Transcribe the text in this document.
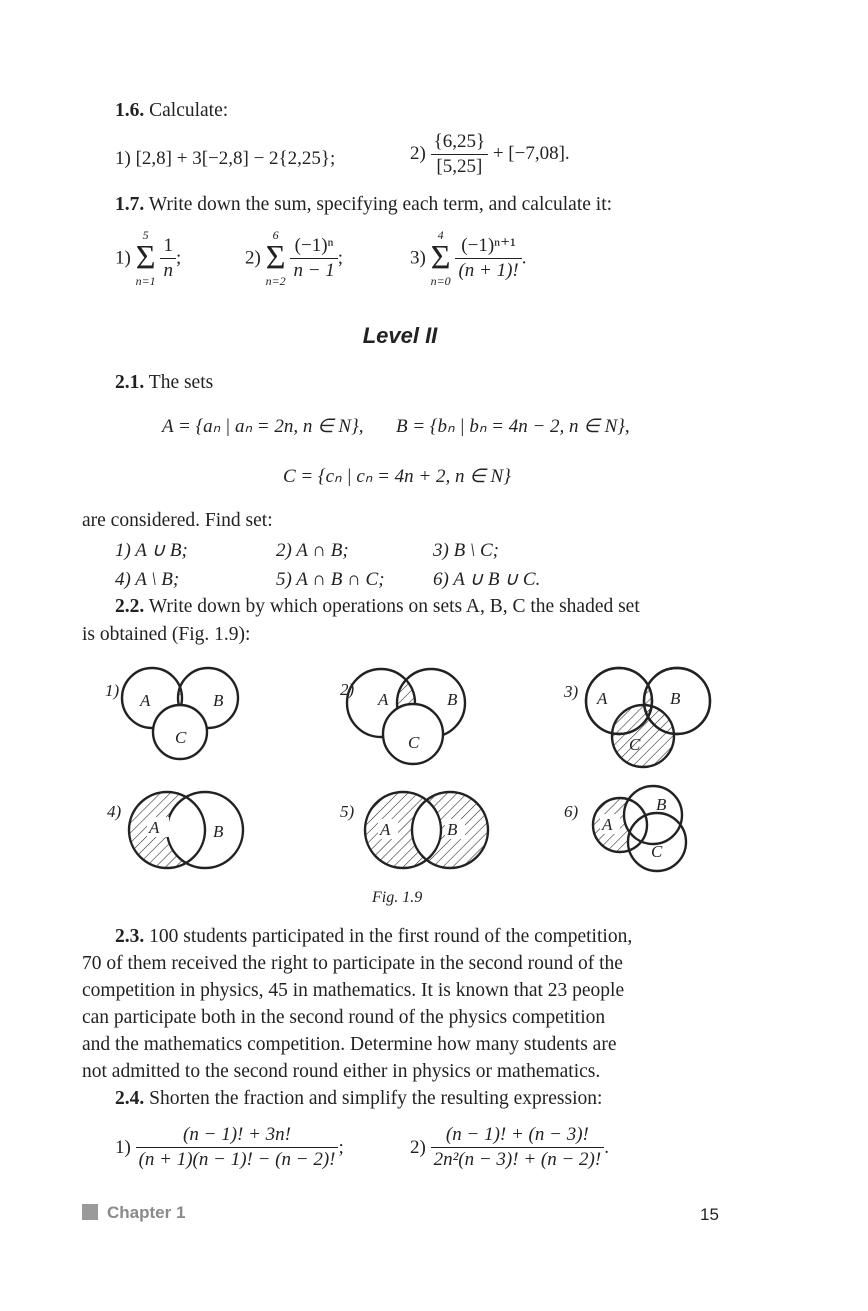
1.6. Calculate:
1) [2,8] + 3[−2,8] − 2{2,25};	$2) \frac{\{6,25\}}{[5,25]} + [-7,08]$.
1.7. Write down the sum, specifying each term, and calculate it:
1)
5
Σ
n=1
$\frac{1}{n}$ ;	2)
6
Σ
n=2
$\frac{\text{(−1)ⁿ}}{n - 1}$ ;	3)
4
Σ
n=0
$\frac{\text{(−1)ⁿ⁺¹}}{(n + 1)!}$ .
Level II
2.1. The sets
A = {aₙ | aₙ = 2n, n ∈ N}, B = {bₙ | bₙ = 4n − 2, n ∈ N},
C = {cₙ | cₙ = 4n + 2, n ∈ N}
are considered. Find set:
1) A ∪ B;	2) A ∩ B;	3) B \ C;
4) A \ B;	5) A ∩ B ∩ C;	6) A ∪ B ∪ C.
2.2. Write down by which operations on sets A, B, C the shaded set
is obtained (Fig. 1.9):
1)
A	B
C
2)
A	B
C
3) A	B
C
4)
A	B
5)
A	B
6)
A
B
C
Fig. 1.9
2.3. 100 students participated in the first round of the competition,
70 of them received the right to participate in the second round of the
competition in physics, 45 in mathematics. It is known that 23 people
can participate both in the second round of the physics competition
and the mathematics competition. Determine how many students are
not admitted to the second round either in physics or mathematics.
2.4. Shorten the fraction and simplify the resulting expression:
$1) \frac{(n - 1)! + 3n!}{(n + 1)(n - 1)! - (n - 2)!}$ ;	$2) \frac{(n - 1)! + (n - 3)!}{\text{2n²(n − 3)! + (n − 2)!}}$ .
Chapter 1	15
